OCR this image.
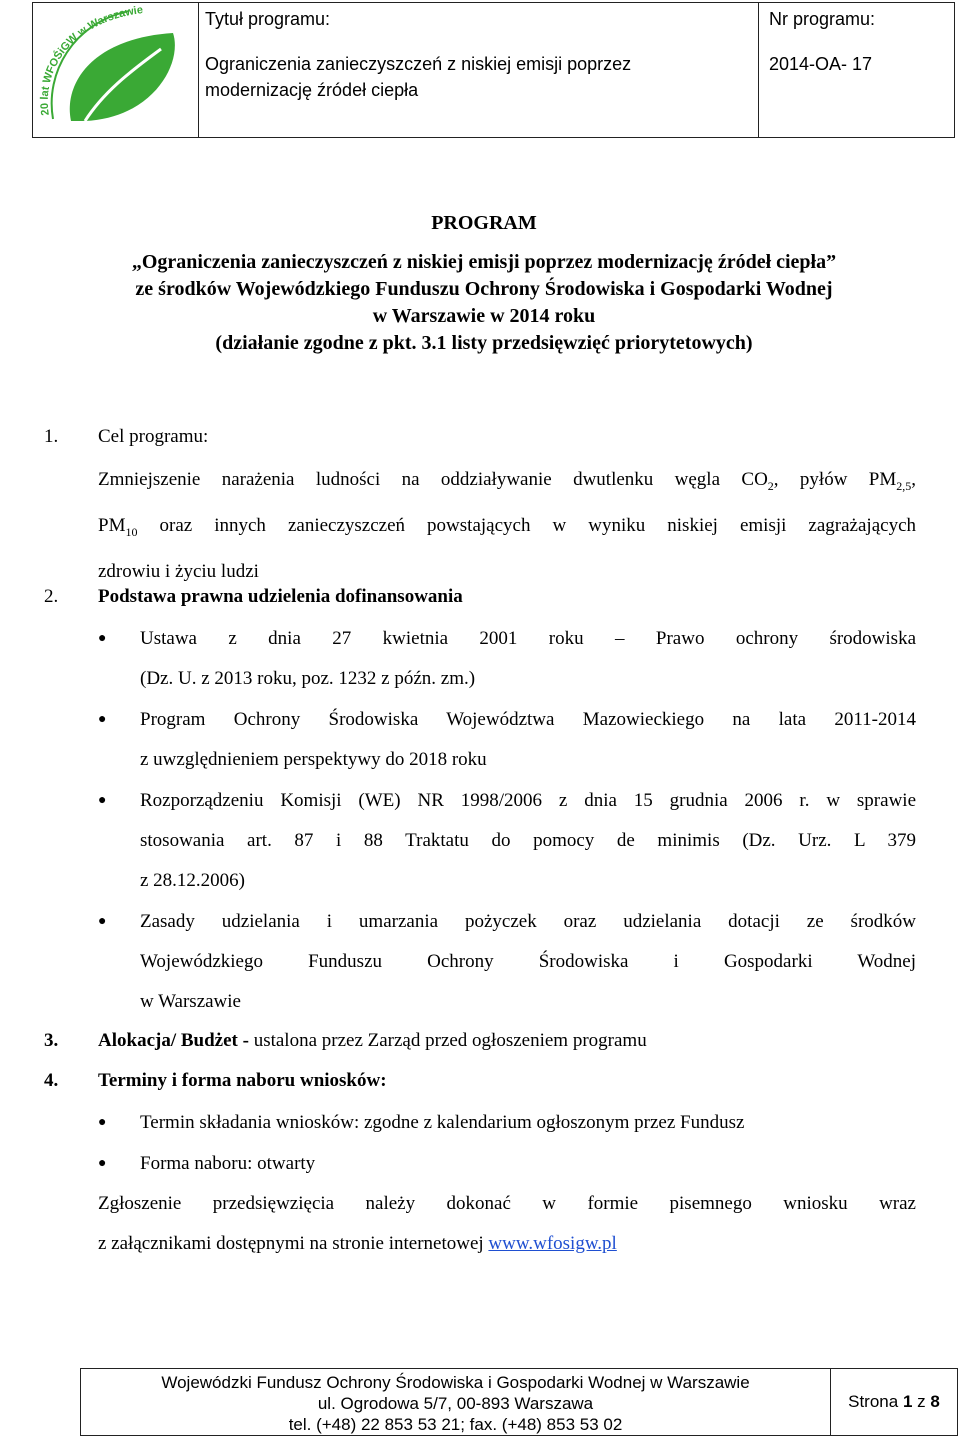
20 lat WFOŚiGW w Warszawie	Tytuł programu:
Ograniczenia zanieczyszczeń z niskiej emisji poprzez
modernizację źródeł ciepła
Nr programu:
2014-OA- 17
PROGRAM
„Ograniczenia zanieczyszczeń z niskiej emisji poprzez modernizację źródeł ciepła”
ze środków Wojewódzkiego Funduszu Ochrony Środowiska i Gospodarki Wodnej
w Warszawie w 2014 roku
(działanie zgodne z pkt. 3.1 listy przedsięwzięć priorytetowych)
1. Cel programu:
Zmniejszenie narażenia ludności na oddziaływanie dwutlenku węgla $CO_2$, pyłów $PM_{2,5}$,
$PM_{10}$ oraz innych zanieczyszczeń powstających w wyniku niskiej emisji zagrażających
zdrowiu i życiu ludzi
2. Podstawa prawna udzielenia dofinansowania
● Ustawa z dnia 27 kwietnia 2001 roku – Prawo ochrony środowiska
(Dz. U. z 2013 roku, poz. 1232 z późn. zm.)
● Program Ochrony Środowiska Województwa Mazowieckiego na lata 2011-2014
z uwzględnieniem perspektywy do 2018 roku
● Rozporządzeniu Komisji (WE) NR 1998/2006 z dnia 15 grudnia 2006 r. w sprawie
stosowania art. 87 i 88 Traktatu do pomocy de minimis (Dz. Urz. L 379
z 28.12.2006)
● Zasady udzielania i umarzania pożyczek oraz udzielania dotacji ze środków
Wojewódzkiego Funduszu Ochrony Środowiska i Gospodarki Wodnej
w Warszawie
3. Alokacja/ Budżet - ustalona przez Zarząd przed ogłoszeniem programu
4. Terminy i forma naboru wniosków:
● Termin składania wniosków: zgodne z kalendarium ogłoszonym przez Fundusz
● Forma naboru: otwarty
Zgłoszenie przedsięwzięcia należy dokonać w formie pisemnego wniosku wraz
z załącznikami dostępnymi na stronie internetowej www.wfosigw.pl
Wojewódzki Fundusz Ochrony Środowiska i Gospodarki Wodnej w Warszawie
ul. Ogrodowa 5/7, 00-893 Warszawa
tel. (+48) 22 853 53 21; fax. (+48) 853 53 02
Strona
1
z
8
